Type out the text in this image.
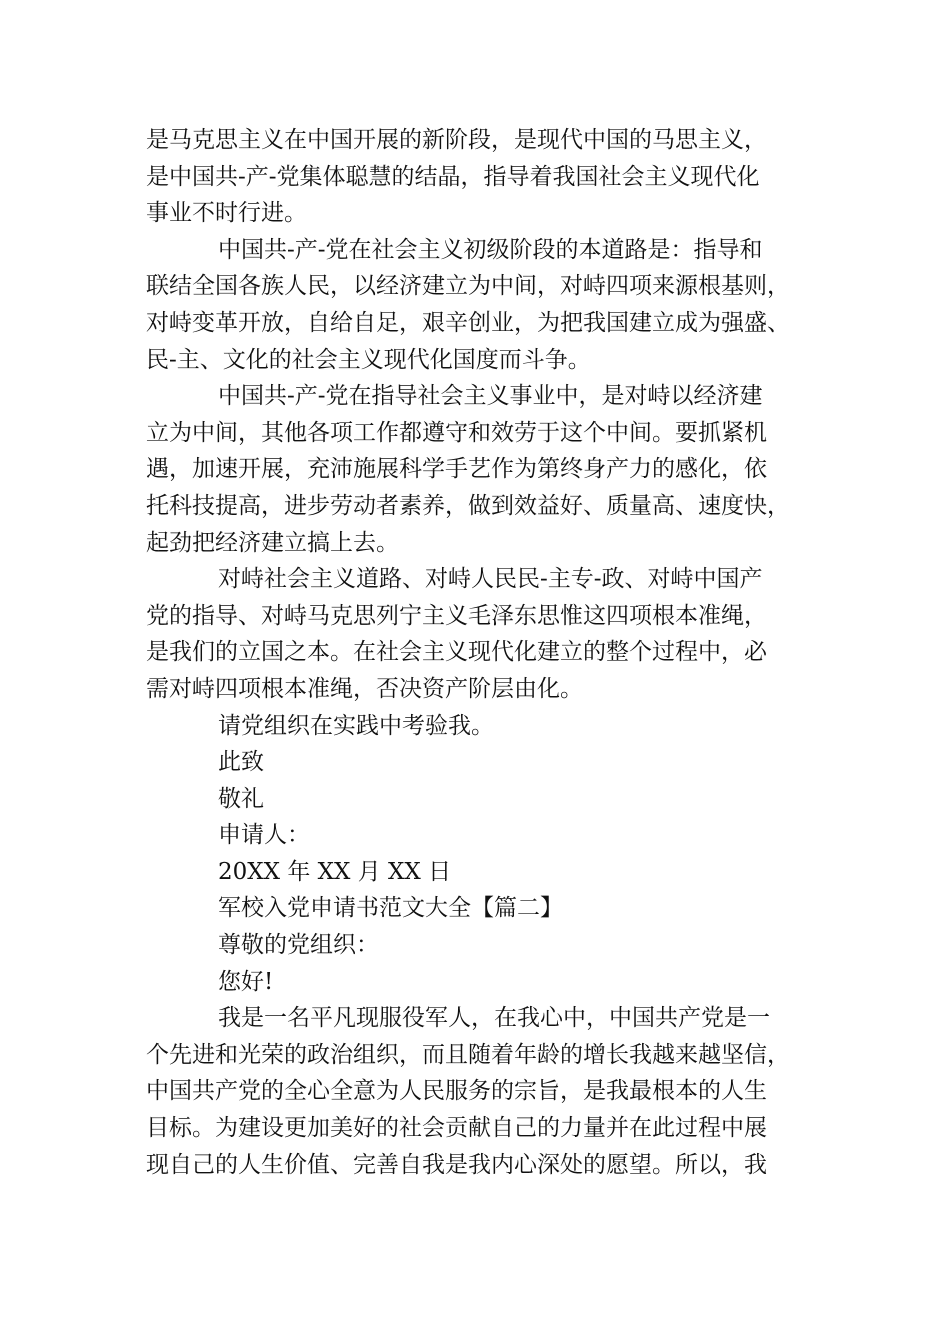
是马克思主义在中国开展的新阶段，是现代中国的马思主义，
是中国共-产-党集体聪慧的结晶，指导着我国社会主义现代化
事业不时行进。
中国共-产-党在社会主义初级阶段的本道路是：指导和
联结全国各族人民，以经济建立为中间，对峙四项来源根基则，
对峙变革开放，自给自足，艰辛创业，为把我国建立成为强盛、
民-主、文化的社会主义现代化国度而斗争。
中国共-产-党在指导社会主义事业中，是对峙以经济建
立为中间，其他各项工作都遵守和效劳于这个中间。要抓紧机
遇，加速开展，充沛施展科学手艺作为第终身产力的感化，依
托科技提高，进步劳动者素养，做到效益好、质量高、速度快，
起劲把经济建立搞上去。
对峙社会主义道路、对峙人民民-主专-政、对峙中国产
党的指导、对峙马克思列宁主义毛泽东思惟这四项根本准绳，
是我们的立国之本。在社会主义现代化建立的整个过程中，必
需对峙四项根本准绳，否决资产阶层由化。
请党组织在实践中考验我。
此致
敬礼
申请人：
20XX 年 XX 月 XX 日
军校入党申请书范文大全【篇二】
尊敬的党组织：
您好!
我是一名平凡现服役军人，在我心中，中国共产党是一
个先进和光荣的政治组织，而且随着年龄的增长我越来越坚信，
中国共产党的全心全意为人民服务的宗旨，是我最根本的人生
目标。为建设更加美好的社会贡献自己的力量并在此过程中展
现自己的人生价值、完善自我是我内心深处的愿望。所以，我
